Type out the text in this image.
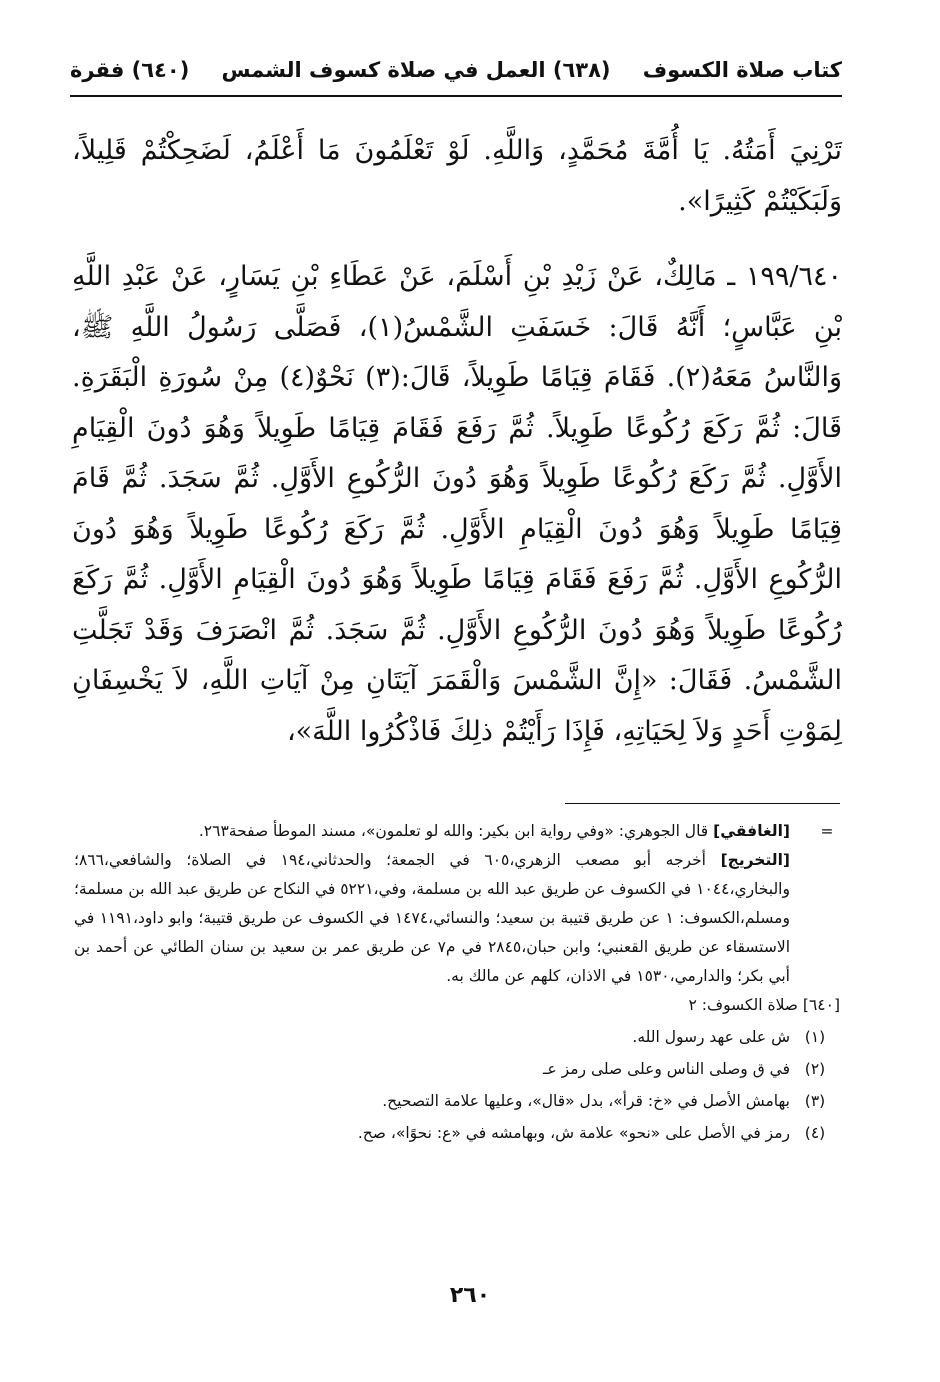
كتاب صلاة الكسوف
(٦٣٨) العمل في صلاة كسوف الشمس
(٦٤٠) فقرة

تَرْنِيَ أَمَتُهُ. يَا أُمَّةَ مُحَمَّدٍ، وَاللَّهِ. لَوْ تَعْلَمُونَ مَا أَعْلَمُ، لَضَحِكْتُمْ قَلِيلاً، وَلَبَكَيْتُمْ كَثِيرًا».

١٩٩/٦٤٠ ـ مَالِكٌ، عَنْ زَيْدِ بْنِ أَسْلَمَ، عَنْ عَطَاءِ بْنِ يَسَارٍ، عَنْ عَبْدِ اللَّهِ بْنِ عَبَّاسٍ؛ أَنَّهُ قَالَ: خَسَفَتِ الشَّمْسُ(١)، فَصَلَّى رَسُولُ اللَّهِ ﷺ، وَالنَّاسُ مَعَهُ(٢). فَقَامَ قِيَامًا طَوِيلاً، قَالَ:(٣) نَحْوٌ(٤) مِنْ سُورَةِ الْبَقَرَةِ. قَالَ: ثُمَّ رَكَعَ رُكُوعًا طَوِيلاً. ثُمَّ رَفَعَ فَقَامَ قِيَامًا طَوِيلاً وَهُوَ دُونَ الْقِيَامِ الأَوَّلِ. ثُمَّ رَكَعَ رُكُوعًا طَوِيلاً وَهُوَ دُونَ الرُّكُوعِ الأَوَّلِ. ثُمَّ سَجَدَ. ثُمَّ قَامَ قِيَامًا طَوِيلاً وَهُوَ دُونَ الْقِيَامِ الأَوَّلِ. ثُمَّ رَكَعَ رُكُوعًا طَوِيلاً وَهُوَ دُونَ الرُّكُوعِ الأَوَّلِ. ثُمَّ رَفَعَ فَقَامَ قِيَامًا طَوِيلاً وَهُوَ دُونَ الْقِيَامِ الأَوَّلِ. ثُمَّ رَكَعَ رُكُوعًا طَوِيلاً وَهُوَ دُونَ الرُّكُوعِ الأَوَّلِ. ثُمَّ سَجَدَ. ثُمَّ انْصَرَفَ وَقَدْ تَجَلَّتِ الشَّمْسُ. فَقَالَ: «إِنَّ الشَّمْسَ وَالْقَمَرَ آيَتَانِ مِنْ آيَاتِ اللَّهِ، لاَ يَخْسِفَانِ لِمَوْتِ أَحَدٍ وَلاَ لِحَيَاتِهِ، فَإِذَا رَأَيْتُمْ ذلِكَ فَاذْكُرُوا اللَّهَ»،

=
[الغافقي] قال الجوهري: «وفي رواية ابن بكير: والله لو تعلمون»، مسند الموطأ صفحة٢٦٣.
[التخريج] أخرجه أبو مصعب الزهري،٦٠٥ في الجمعة؛ والحدثاني،١٩٤ في الصلاة؛ والشافعي،٨٦٦؛ والبخاري،١٠٤٤ في الكسوف عن طريق عبد الله بن مسلمة، وفي،٥٢٢١ في النكاح عن طريق عبد الله بن مسلمة؛ ومسلم،الكسوف: ١ عن طريق قتيبة بن سعيد؛ والنسائي،١٤٧٤ في الكسوف عن طريق قتيبة؛ وابو داود،١١٩١ في الاستسقاء عن طريق القعنبي؛ وابن حبان،٢٨٤٥ في م٧ عن طريق عمر بن سعيد بن سنان الطائي عن أحمد بن أبي بكر؛ والدارمي،١٥٣٠ في الاذان، كلهم عن مالك به.
[٦٤٠] صلاة الكسوف: ٢
(١)
ش على عهد رسول الله.
(٢)
في ق وصلى الناس وعلى صلى رمز عـ
(٣)
بهامش الأصل في «خ: قرأ»، بدل «قال»، وعليها علامة التصحيح.
(٤)
رمز في الأصل على «نحو» علامة ش، وبهامشه في «ع: نحوًا»، صح.
٢٦٠
